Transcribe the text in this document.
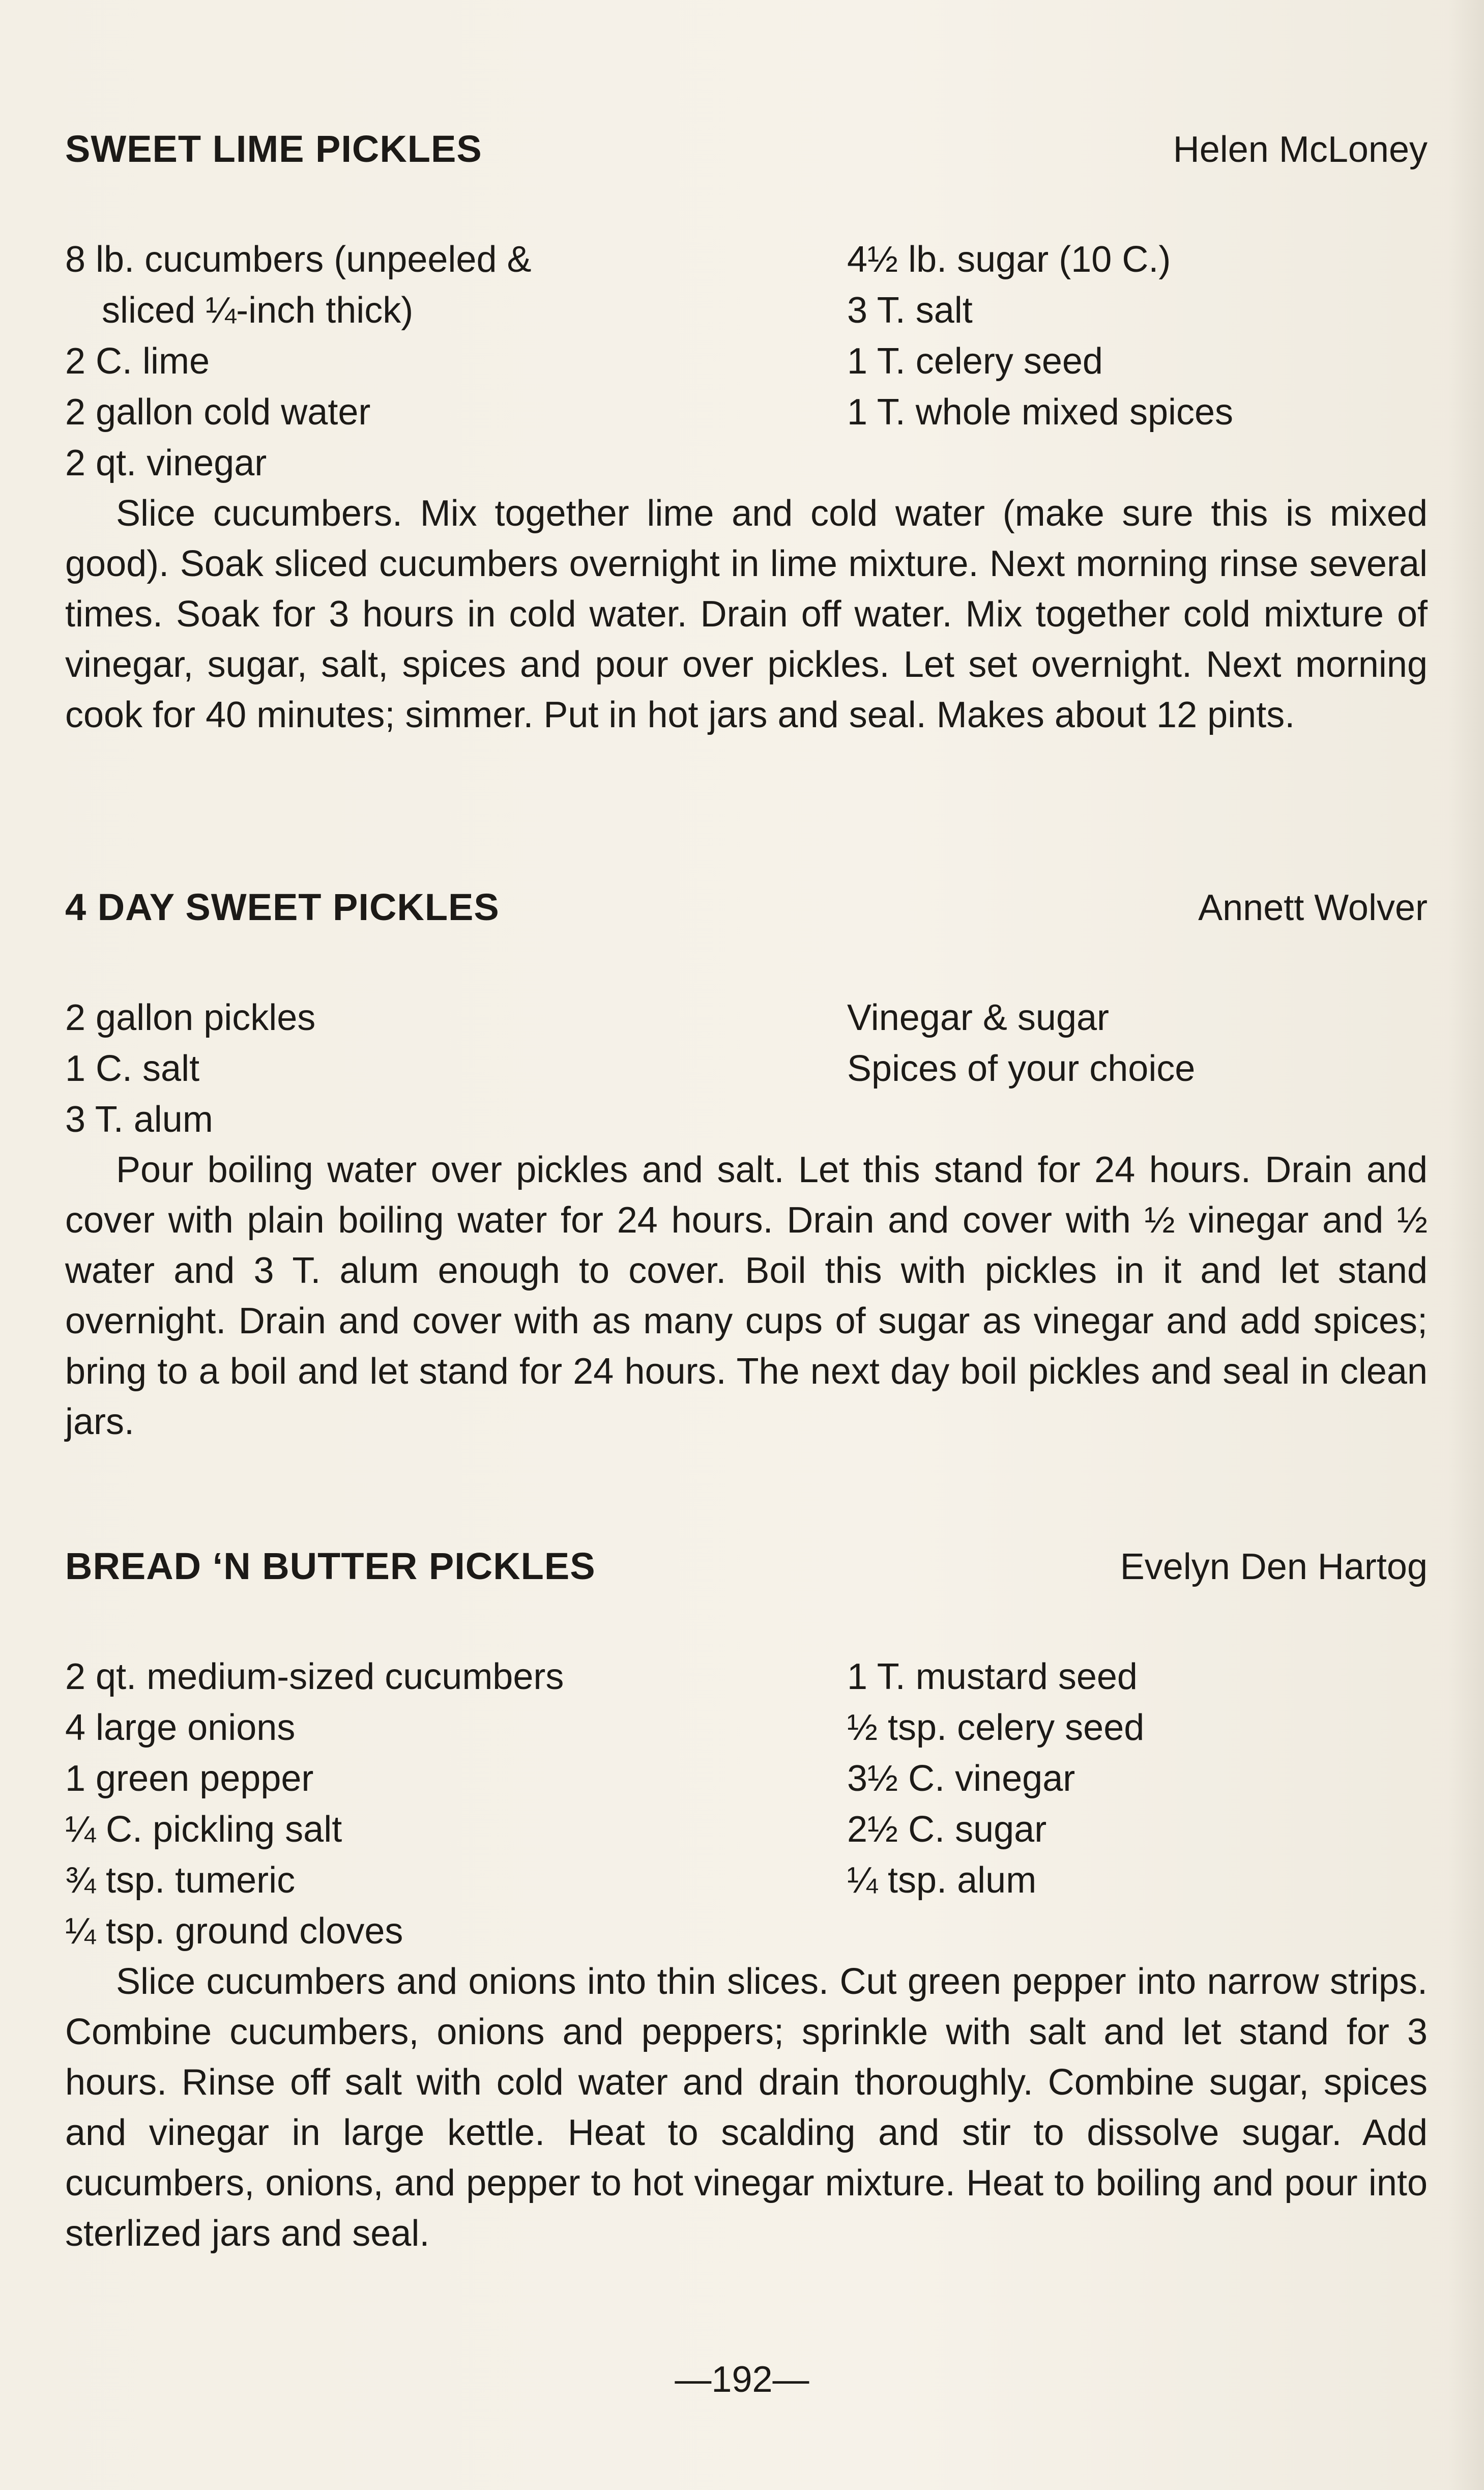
SWEET LIME PICKLES	Helen McLoney
8 lb. cucumbers (unpeeled &
sliced ¼-inch thick)
2 C. lime
2 gallon cold water
2 qt. vinegar
4½ lb. sugar (10 C.)
3 T. salt
1 T. celery seed
1 T. whole mixed spices

Slice cucumbers. Mix together lime and cold water (make sure this is mixed good). Soak sliced cucumbers overnight in lime mixture. Next morning rinse several times. Soak for 3 hours in cold water. Drain off water. Mix together cold mixture of vinegar, sugar, salt, spices and pour over pickles. Let set overnight. Next morning cook for 40 minutes; simmer. Put in hot jars and seal. Makes about 12 pints.

4 DAY SWEET PICKLES	Annett Wolver
2 gallon pickles
1 C. salt
3 T. alum
Vinegar & sugar
Spices of your choice

Pour boiling water over pickles and salt. Let this stand for 24 hours. Drain and cover with plain boiling water for 24 hours. Drain and cover with ½ vinegar and ½ water and 3 T. alum enough to cover. Boil this with pickles in it and let stand overnight. Drain and cover with as many cups of sugar as vinegar and add spices; bring to a boil and let stand for 24 hours. The next day boil pickles and seal in clean jars.

BREAD ‘N BUTTER PICKLES	Evelyn Den Hartog
2 qt. medium-sized cucumbers
4 large onions
1 green pepper
¼ C. pickling salt
¾ tsp. tumeric
¼ tsp. ground cloves
1 T. mustard seed
½ tsp. celery seed
3½ C. vinegar
2½ C. sugar
¼ tsp. alum

Slice cucumbers and onions into thin slices. Cut green pepper into narrow strips. Combine cucumbers, onions and peppers; sprinkle with salt and let stand for 3 hours. Rinse off salt with cold water and drain thoroughly. Combine sugar, spices and vinegar in large kettle. Heat to scalding and stir to dissolve sugar. Add cucumbers, onions, and pepper to hot vinegar mixture. Heat to boiling and pour into sterlized jars and seal.

—192—
